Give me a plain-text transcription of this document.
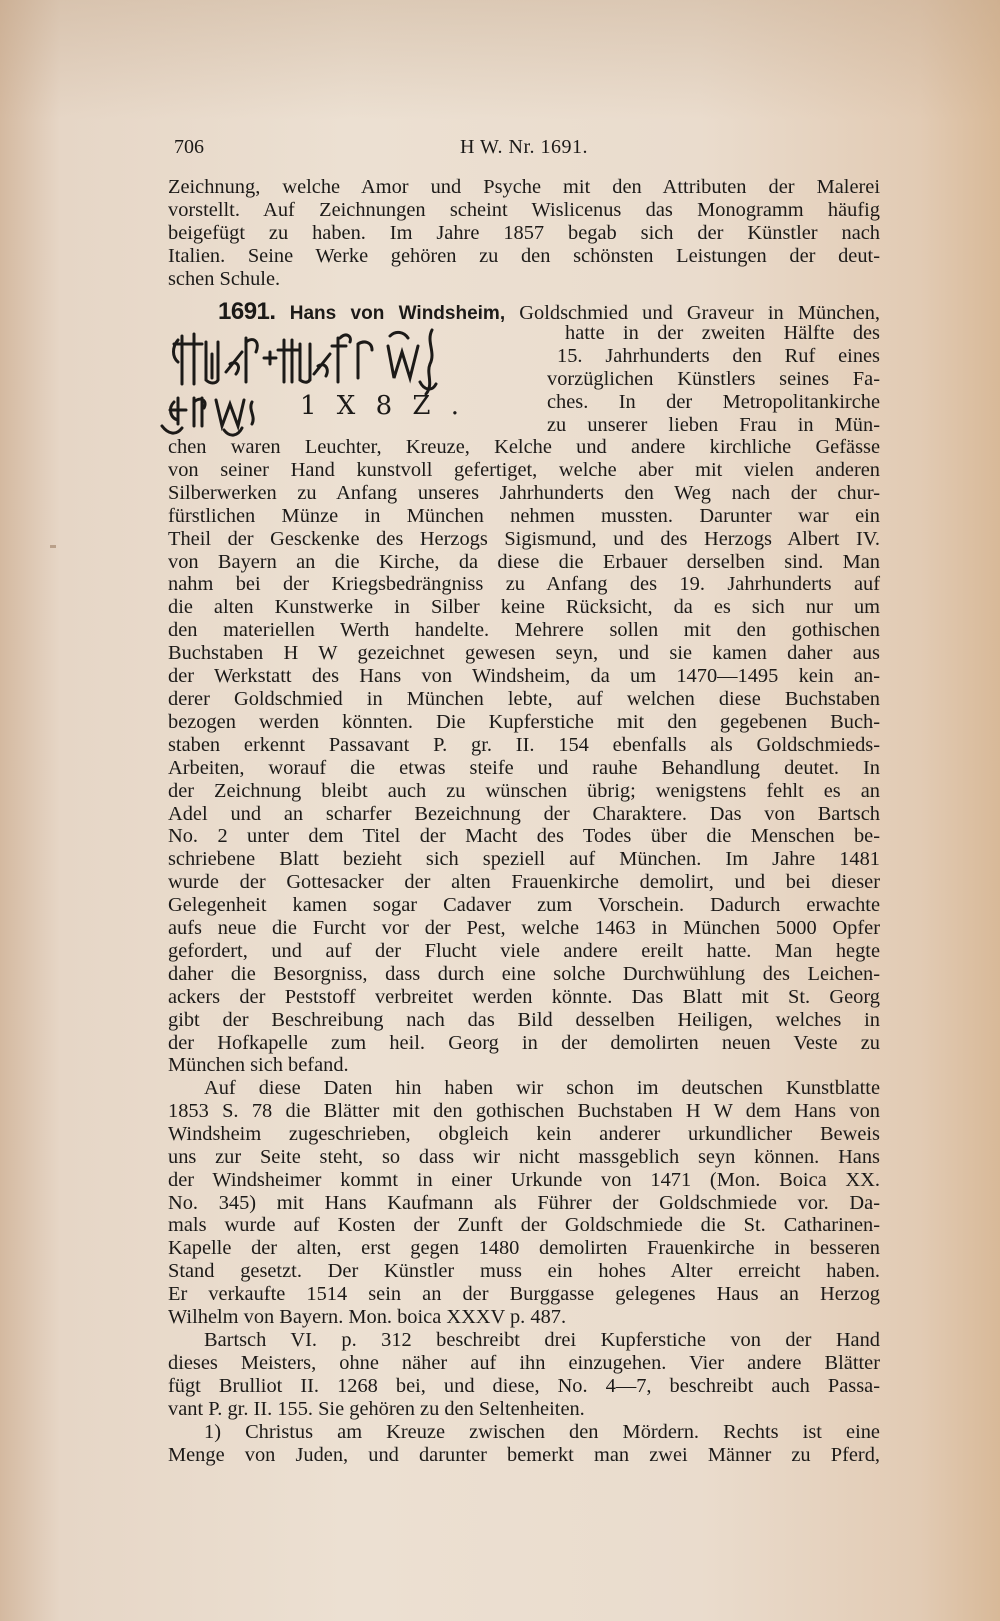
706	H W. Nr. 1691.
Zeichnung, welche Amor und Psyche mit den Attributen der Malerei
vorstellt. Auf Zeichnungen scheint Wislicenus das Monogramm häufig
beigefügt zu haben. Im Jahre 1857 begab sich der Künstler nach
Italien. Seine Werke gehören zu den schönsten Leistungen der deut-
schen Schule.
1691. Hans von Windsheim, Goldschmied und Graveur in München,
1 X 8 Z .
hatte in der zweiten Hälfte des
15. Jahrhunderts den Ruf eines
vorzüglichen Künstlers seines Fa-
ches. In der Metropolitankirche
zu unserer lieben Frau in Mün-
chen waren Leuchter, Kreuze, Kelche und andere kirchliche Gefässe
von seiner Hand kunstvoll gefertiget, welche aber mit vielen anderen
Silberwerken zu Anfang unseres Jahrhunderts den Weg nach der chur-
fürstlichen Münze in München nehmen mussten. Darunter war ein
Theil der Gesckenke des Herzogs Sigismund, und des Herzogs Albert IV.
von Bayern an die Kirche, da diese die Erbauer derselben sind. Man
nahm bei der Kriegsbedrängniss zu Anfang des 19. Jahrhunderts auf
die alten Kunstwerke in Silber keine Rücksicht, da es sich nur um
den materiellen Werth handelte. Mehrere sollen mit den gothischen
Buchstaben H W gezeichnet gewesen seyn, und sie kamen daher aus
der Werkstatt des Hans von Windsheim, da um 1470—1495 kein an-
derer Goldschmied in München lebte, auf welchen diese Buchstaben
bezogen werden könnten. Die Kupferstiche mit den gegebenen Buch-
staben erkennt Passavant P. gr. II. 154 ebenfalls als Goldschmieds-
Arbeiten, worauf die etwas steife und rauhe Behandlung deutet. In
der Zeichnung bleibt auch zu wünschen übrig; wenigstens fehlt es an
Adel und an scharfer Bezeichnung der Charaktere. Das von Bartsch
No. 2 unter dem Titel der Macht des Todes über die Menschen be-
schriebene Blatt bezieht sich speziell auf München. Im Jahre 1481
wurde der Gottesacker der alten Frauenkirche demolirt, und bei dieser
Gelegenheit kamen sogar Cadaver zum Vorschein. Dadurch erwachte
aufs neue die Furcht vor der Pest, welche 1463 in München 5000 Opfer
gefordert, und auf der Flucht viele andere ereilt hatte. Man hegte
daher die Besorgniss, dass durch eine solche Durchwühlung des Leichen-
ackers der Peststoff verbreitet werden könnte. Das Blatt mit St. Georg
gibt der Beschreibung nach das Bild desselben Heiligen, welches in
der Hofkapelle zum heil. Georg in der demolirten neuen Veste zu
München sich befand.
Auf diese Daten hin haben wir schon im deutschen Kunstblatte
1853 S. 78 die Blätter mit den gothischen Buchstaben H W dem Hans von
Windsheim zugeschrieben, obgleich kein anderer urkundlicher Beweis
uns zur Seite steht, so dass wir nicht massgeblich seyn können. Hans
der Windsheimer kommt in einer Urkunde von 1471 (Mon. Boica XX.
No. 345) mit Hans Kaufmann als Führer der Goldschmiede vor. Da-
mals wurde auf Kosten der Zunft der Goldschmiede die St. Catharinen-
Kapelle der alten, erst gegen 1480 demolirten Frauenkirche in besseren
Stand gesetzt. Der Künstler muss ein hohes Alter erreicht haben.
Er verkaufte 1514 sein an der Burggasse gelegenes Haus an Herzog
Wilhelm von Bayern. Mon. boica XXXV p. 487.
Bartsch VI. p. 312 beschreibt drei Kupferstiche von der Hand
dieses Meisters, ohne näher auf ihn einzugehen. Vier andere Blätter
fügt Brulliot II. 1268 bei, und diese, No. 4—7, beschreibt auch Passa-
vant P. gr. II. 155. Sie gehören zu den Seltenheiten.
1) Christus am Kreuze zwischen den Mördern. Rechts ist eine
Menge von Juden, und darunter bemerkt man zwei Männer zu Pferd,
